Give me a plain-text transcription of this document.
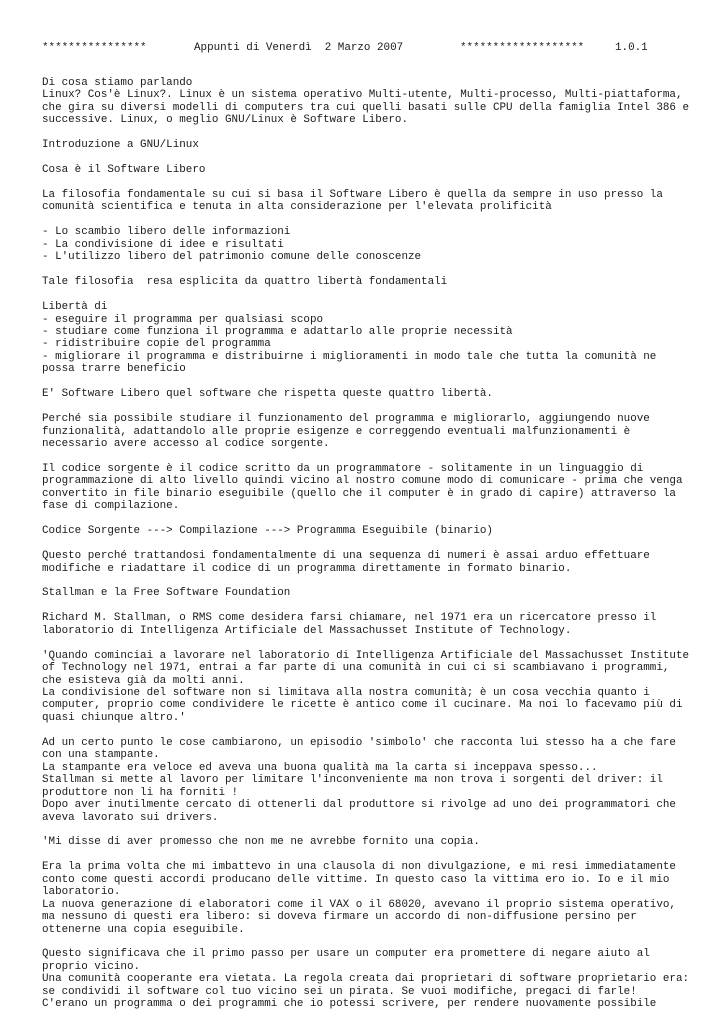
****************

	Appunti di Venerdì  2 Marzo 2007

	*******************

	1.0.1

Di cosa stiamo parlando
Linux? Cos'è Linux?. Linux è un sistema operativo Multi-utente, Multi-processo, Multi-piattaforma,
che gira su diversi modelli di computers tra cui quelli basati sulle CPU della famiglia Intel 386 e
successive. Linux, o meglio GNU/Linux è Software Libero.
Introduzione a GNU/Linux
Cosa è il Software Libero
La filosofia fondamentale su cui si basa il Software Libero è quella da sempre in uso presso la
comunità scientifica e tenuta in alta considerazione per l'elevata prolificità
- Lo scambio libero delle informazioni
- La condivisione di idee e risultati
- L'utilizzo libero del patrimonio comune delle conoscenze
Tale filosofia  resa esplicita da quattro libertà fondamentali
Libertà di
- eseguire il programma per qualsiasi scopo
- studiare come funziona il programma e adattarlo alle proprie necessità
- ridistribuire copie del programma
- migliorare il programma e distribuirne i miglioramenti in modo tale che tutta la comunità ne
possa trarre beneficio
E' Software Libero quel software che rispetta queste quattro libertà.
Perché sia possibile studiare il funzionamento del programma e migliorarlo, aggiungendo nuove
funzionalità, adattandolo alle proprie esigenze e correggendo eventuali malfunzionamenti è
necessario avere accesso al codice sorgente.
Il codice sorgente è il codice scritto da un programmatore - solitamente in un linguaggio di
programmazione di alto livello quindi vicino al nostro comune modo di comunicare - prima che venga
convertito in file binario eseguibile (quello che il computer è in grado di capire) attraverso la
fase di compilazione.
Codice Sorgente ---> Compilazione ---> Programma Eseguibile (binario)
Questo perché trattandosi fondamentalmente di una sequenza di numeri è assai arduo effettuare
modifiche e riadattare il codice di un programma direttamente in formato binario.
Stallman e la Free Software Foundation
Richard M. Stallman, o RMS come desidera farsi chiamare, nel 1971 era un ricercatore presso il
laboratorio di Intelligenza Artificiale del Massachusset Institute of Technology.
'Quando cominciai a lavorare nel laboratorio di Intelligenza Artificiale del Massachusset Institute
of Technology nel 1971, entrai a far parte di una comunità in cui ci si scambiavano i programmi,
che esisteva già da molti anni.
La condivisione del software non si limitava alla nostra comunità; è un cosa vecchia quanto i
computer, proprio come condividere le ricette è antico come il cucinare. Ma noi lo facevamo più di
quasi chiunque altro.'
Ad un certo punto le cose cambiarono, un episodio 'simbolo' che racconta lui stesso ha a che fare
con una stampante.
La stampante era veloce ed aveva una buona qualità ma la carta si inceppava spesso...
Stallman si mette al lavoro per limitare l'inconveniente ma non trova i sorgenti del driver: il
produttore non li ha forniti !
Dopo aver inutilmente cercato di ottenerli dal produttore si rivolge ad uno dei programmatori che
aveva lavorato sui drivers.
'Mi disse di aver promesso che non me ne avrebbe fornito una copia.
Era la prima volta che mi imbattevo in una clausola di non divulgazione, e mi resi immediatamente
conto come questi accordi producano delle vittime. In questo caso la vittima ero io. Io e il mio
laboratorio.
La nuova generazione di elaboratori come il VAX o il 68020, avevano il proprio sistema operativo,
ma nessuno di questi era libero: si doveva firmare un accordo di non-diffusione persino per
ottenerne una copia eseguibile.
Questo significava che il primo passo per usare un computer era promettere di negare aiuto al
proprio vicino.
Una comunità cooperante era vietata. La regola creata dai proprietari di software proprietario era:
se condividi il software col tuo vicino sei un pirata. Se vuoi modifiche, pregaci di farle!
C'erano un programma o dei programmi che io potessi scrivere, per rendere nuovamente possibile
